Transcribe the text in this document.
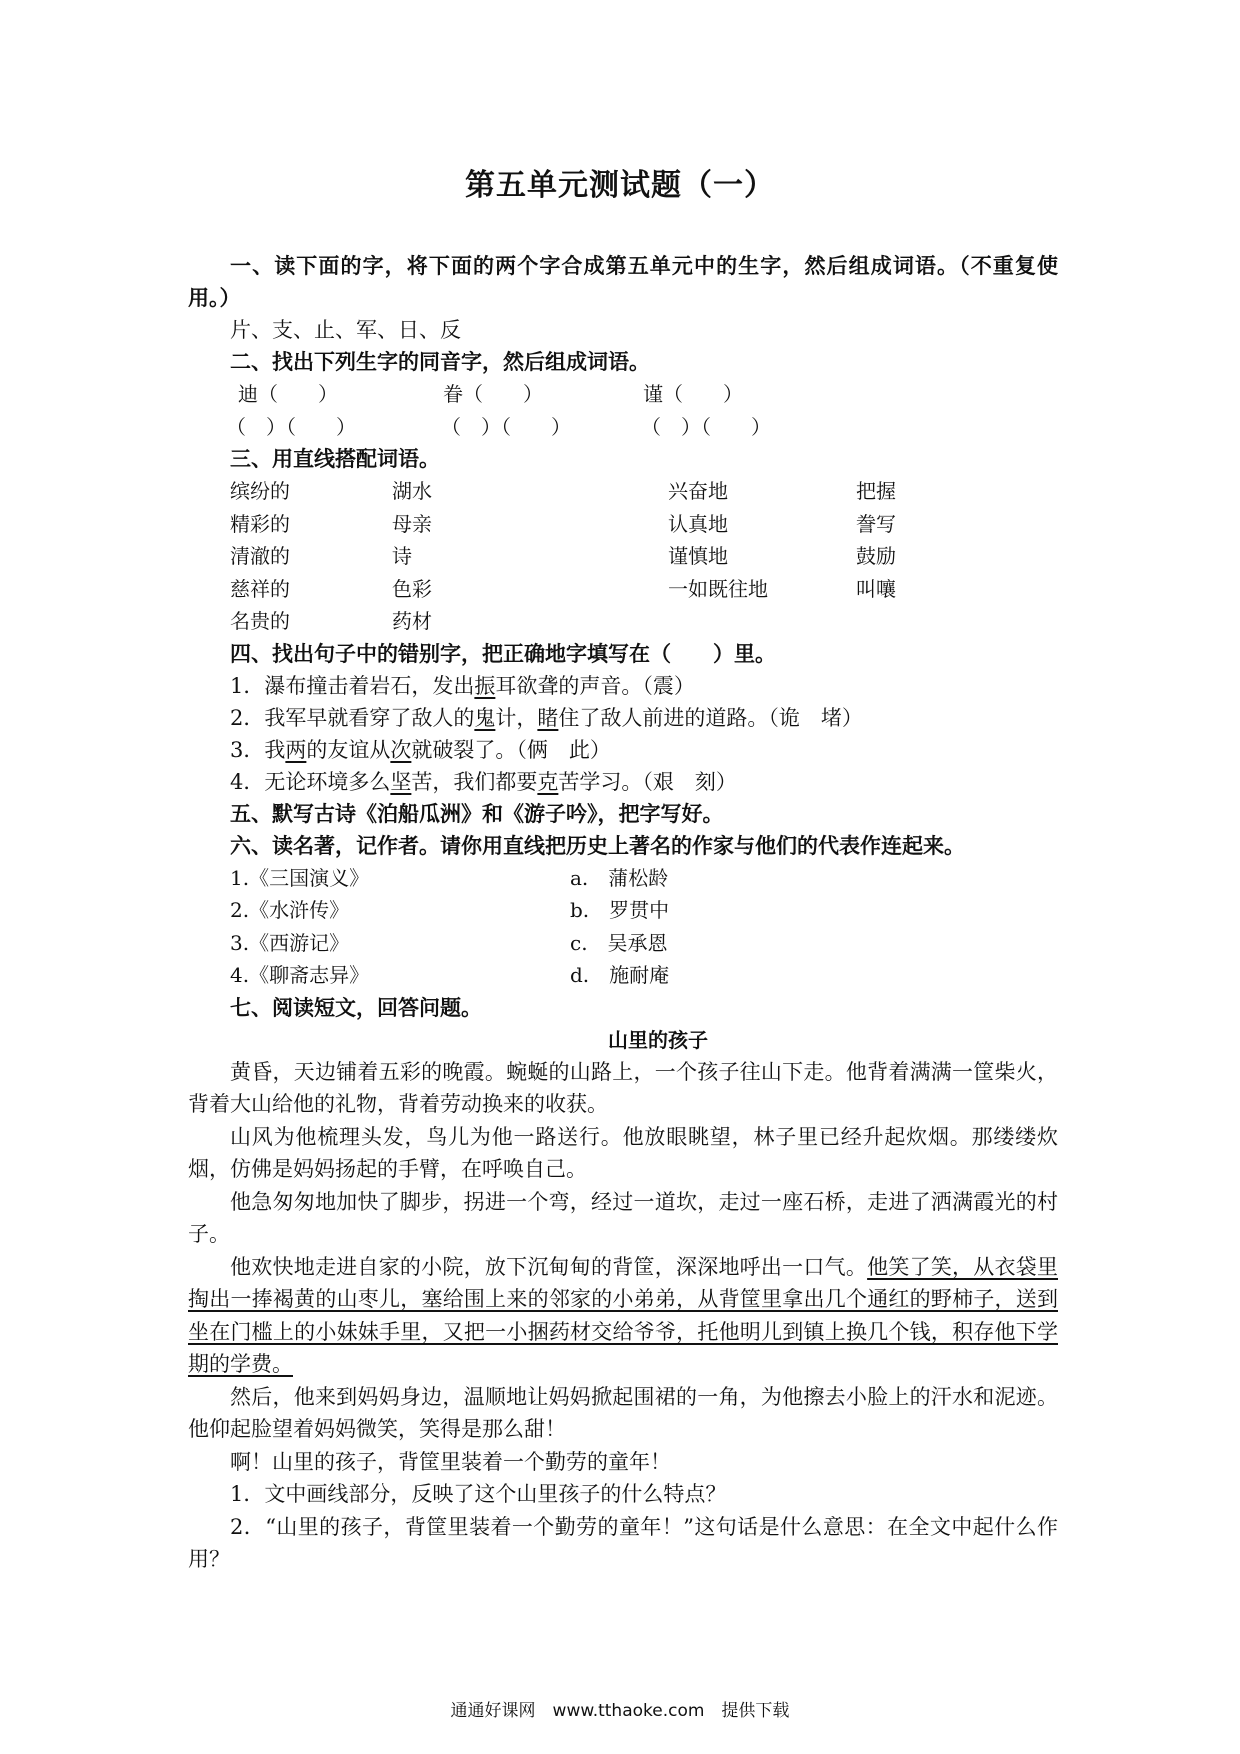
第五单元测试题（一）
一、读下面的字，将下面的两个字合成第五单元中的生字，然后组成词语。（不重复使用。）
片、支、止、军、日、反
二、找出下列生字的同音字，然后组成词语。
迪（　　）	眷（　　）	谨（　　）
（　）（　　）	（　）（　　）	（　）（　　）
三、用直线搭配词语。
缤纷的	湖水	兴奋地	把握
精彩的	母亲	认真地	誊写
清澈的	诗	谨慎地	鼓励
慈祥的	色彩	一如既往地	叫嚷
名贵的	药材
四、找出句子中的错别字，把正确地字填写在（　　）里。
1．瀑布撞击着岩石，发出振耳欲聋的声音。（震）
2．我军早就看穿了敌人的鬼计，睹住了敌人前进的道路。（诡　堵）
3．我两的友谊从次就破裂了。（俩　此）
4．无论环境多么坚苦，我们都要克苦学习。（艰　刻）
五、默写古诗《泊船瓜洲》和《游子吟》，把字写好。
六、读名著，记作者。请你用直线把历史上著名的作家与他们的代表作连起来。
1.《三国演义》	a.　蒲松龄
2.《水浒传》	b.　罗贯中
3.《西游记》	c.　吴承恩
4.《聊斋志异》	d.　施耐庵
七、阅读短文，回答问题。
山里的孩子
黄昏，天边铺着五彩的晚霞。蜿蜒的山路上，一个孩子往山下走。他背着满满一筐柴火，背着大山给他的礼物，背着劳动换来的收获。
山风为他梳理头发，鸟儿为他一路送行。他放眼眺望，林子里已经升起炊烟。那缕缕炊烟，仿佛是妈妈扬起的手臂，在呼唤自己。
他急匆匆地加快了脚步，拐进一个弯，经过一道坎，走过一座石桥，走进了洒满霞光的村子。
他欢快地走进自家的小院，放下沉甸甸的背筐，深深地呼出一口气。他笑了笑，从衣袋里掏出一捧褐黄的山枣儿，塞给围上来的邻家的小弟弟，从背筐里拿出几个通红的野柿子，送到坐在门槛上的小妹妹手里，又把一小捆药材交给爷爷，托他明儿到镇上换几个钱，积存他下学期的学费。
然后，他来到妈妈身边，温顺地让妈妈掀起围裙的一角，为他擦去小脸上的汗水和泥迹。他仰起脸望着妈妈微笑，笑得是那么甜！
啊！山里的孩子，背筐里装着一个勤劳的童年！
1．文中画线部分，反映了这个山里孩子的什么特点？
2．“山里的孩子，背筐里装着一个勤劳的童年！”这句话是什么意思：在全文中起什么作用？
通通好课网　www.tthaoke.com　提供下载
